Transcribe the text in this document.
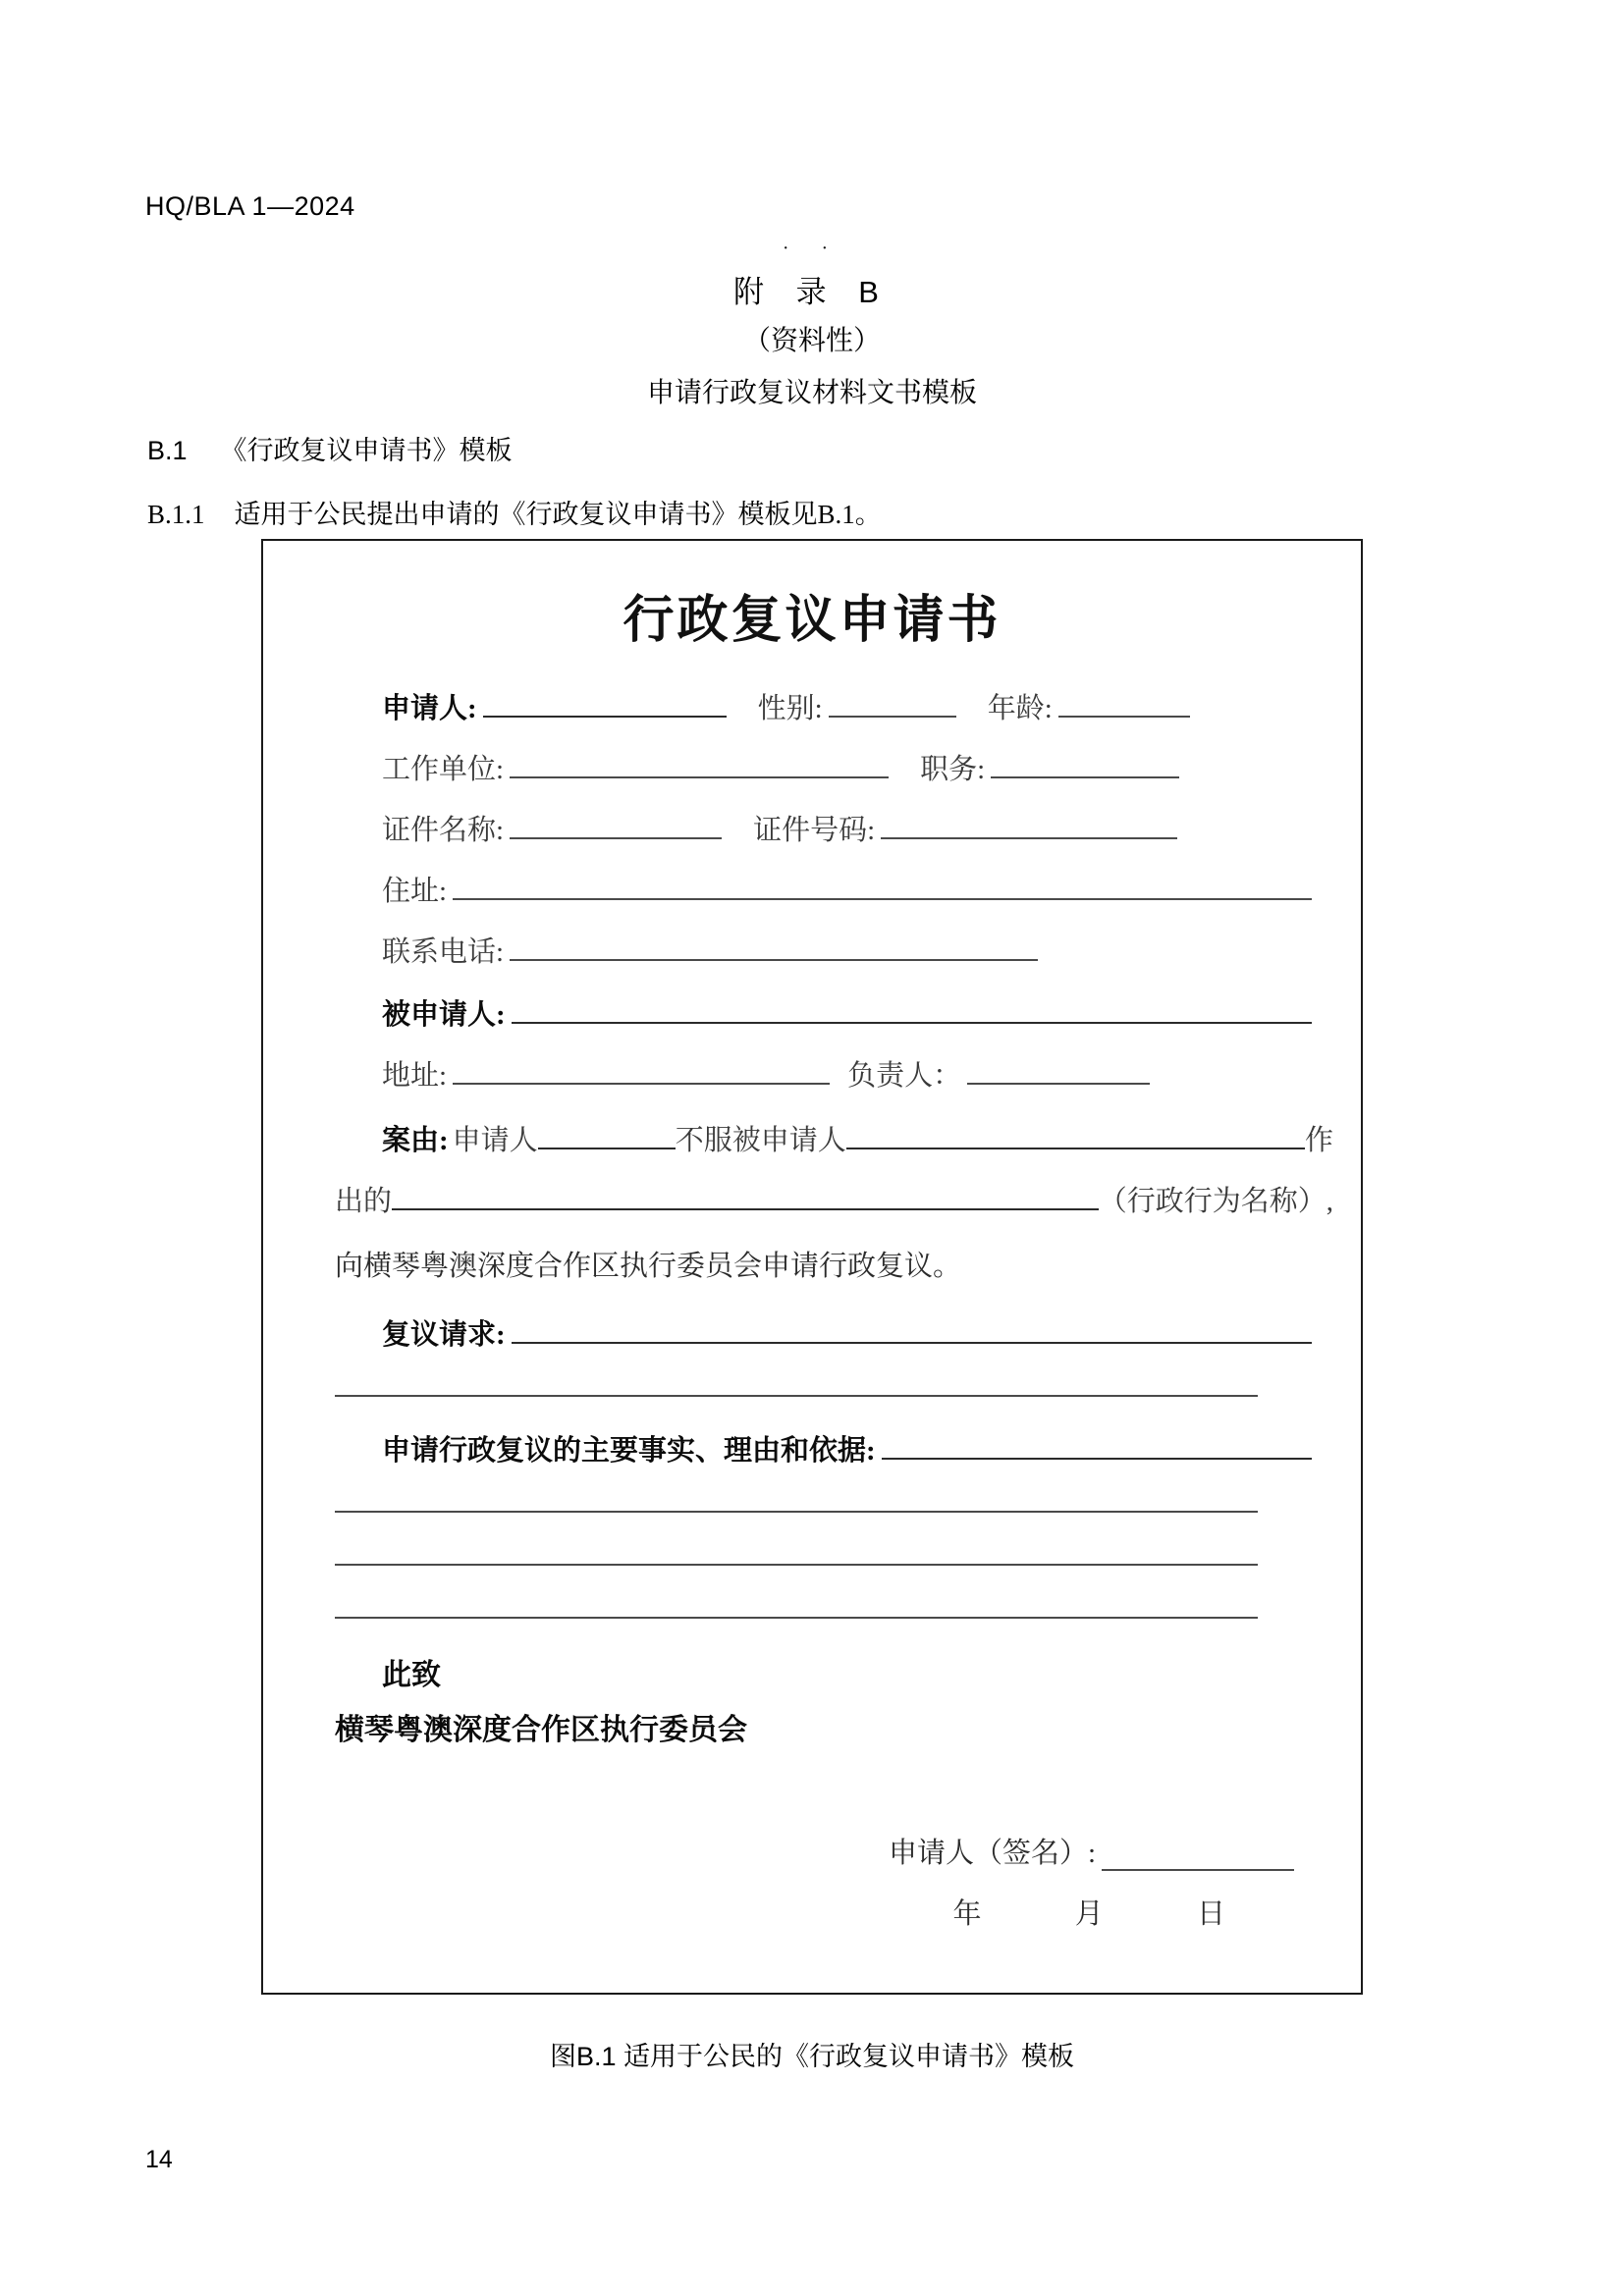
HQ/BLA 1—2024
· ·
附 录 B
（资料性）
申请行政复议材料文书模板
B.1 《行政复议申请书》模板
B.1.1 适用于公民提出申请的《行政复议申请书》模板见B.1。
行政复议申请书
申请人:	性别:	年龄:
工作单位:	职务:
证件名称:	证件号码:
住址:
联系电话:
被申请人:
地址:	负责人：
案由: 申请人	不服被申请人	作
出的	（行政行为名称）,
向横琴粤澳深度合作区执行委员会申请行政复议。
复议请求:
申请行政复议的主要事实、理由和依据:
此致
横琴粤澳深度合作区执行委员会
申请人（签名）:
年 月 日
图B.1 适用于公民的《行政复议申请书》模板
14
